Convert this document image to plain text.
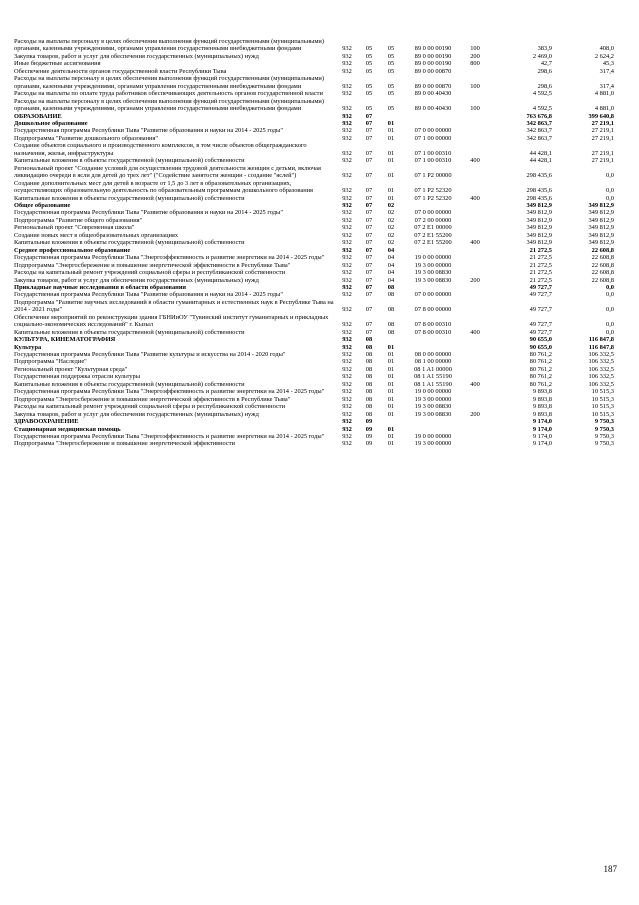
Расходы на выплаты персоналу в целях обеспечения выполнения функций государственными (муниципальными) органами, казенными учреждениями, органами управления государственными внебюджетными фондами	932	05	05	89 0 00 00190	100	383,9	408,0
Закупка товаров, работ и услуг для обеспечения государственных (муниципальных) нужд	932	05	05	89 0 00 00190	200	2 469,0	2 624,2
Иные бюджетные ассигнования	932	05	05	89 0 00 00190	800	42,7	45,3
Обеспечение деятельности органов государственной власти Республики Тыва	932	05	05	89 0 00 00870		298,6	317,4
Расходы на выплаты персоналу в целях обеспечения выполнения функций государственными (муниципальными) органами, казенными учреждениями, органами управления государственными внебюджетными фондами	932	05	05	89 0 00 00870	100	298,6	317,4
Расходы на выплаты по оплате труда работников обеспечивающих деятельность органов государственной власти	932	05	05	89 0 00 40430		4 592,5	4 881,0
Расходы на выплаты персоналу в целях обеспечения выполнения функций государственными (муниципальными) органами, казенными учреждениями, органами управления государственными внебюджетными фондами	932	05	05	89 0 00 40430	100	4 592,5	4 881,0
ОБРАЗОВАНИЕ	932	07				763 676,8	399 640,8
Дошкольное образование	932	07	01			342 863,7	27 219,1
Государственная программа Республики Тыва "Развитие образования и науки на 2014 - 2025 годы"	932	07	01	07 0 00 00000		342 863,7	27 219,1
Подпрограмма "Развитие дошкольного образования"	932	07	01	07 1 00 00000		342 863,7	27 219,1
Создание объектов социального и производственного комплексов, в том числе объектов общегражданского назначения, жилья, инфраструктуры	932	07	01	07 1 00 00310		44 428,1	27 219,1
Капитальные вложения в объекты государственной (муниципальной) собственности	932	07	01	07 1 00 00310	400	44 428,1	27 219,1
Региональный проект "Создание условий для осуществления трудовой деятельности женщин с детьми, включая ликвидацию очереди в ясли для детей до трех лет" ("Содействие занятости женщин - создание "яслей")	932	07	01	07 1 P2 00000		298 435,6	0,0
Создание дополнительных мест для детей в возрасте от 1,5 до 3 лет в образовательных организациях, осуществляющих образовательную деятельность по образовательным программам дошкольного образования	932	07	01	07 1 P2 52320		298 435,6	0,0
Капитальные вложения в объекты государственной (муниципальной) собственности	932	07	01	07 1 P2 52320	400	298 435,6	0,0
Общее образование	932	07	02			349 812,9	349 812,9
Государственная программа Республики Тыва "Развитие образования и науки на 2014 - 2025 годы"	932	07	02	07 0 00 00000		349 812,9	349 812,9
Подпрограмма "Развитие общего образования"	932	07	02	07 2 00 00000		349 812,9	349 812,9
Региональный проект "Современная школа"	932	07	02	07 2 E1 00000		349 812,9	349 812,9
Создание новых мест в общеобразовательных организациях	932	07	02	07 2 E1 55200		349 812,9	349 812,9
Капитальные вложения в объекты государственной (муниципальной) собственности	932	07	02	07 2 E1 55200	400	349 812,9	349 812,9
Среднее профессиональное образование	932	07	04			21 272,5	22 608,8
Государственная программа Республики Тыва "Энергоэффективность и развитие энергетики на 2014 - 2025 годы"	932	07	04	19 0 00 00000		21 272,5	22 608,8
Подпрограмма "Энергосбережение и повышение энергетической эффективности в Республике Тыва"	932	07	04	19 3 00 00000		21 272,5	22 608,8
Расходы на капитальный ремонт учреждений социальной сферы и республиканской собственности	932	07	04	19 3 00 08830		21 272,5	22 608,8
Закупка товаров, работ и услуг для обеспечения государственных (муниципальных) нужд	932	07	04	19 3 00 08830	200	21 272,5	22 608,8
Прикладные научные исследования в области образования	932	07	08			49 727,7	0,0
Государственная программа Республики Тыва "Развитие образования и науки на 2014 - 2025 годы"	932	07	08	07 0 00 00000		49 727,7	0,0
Подпрограмма "Развитие научных исследований в области гуманитарных и естественных наук в Республике Тыва на 2014 - 2021 годы"	932	07	08	07 8 00 00000		49 727,7	0,0
Обеспечение мероприятий по реконструкции здания ГБНИиОУ "Тувинский институт гуманитарных и прикладных социально-экономических исследований" г. Кызыл	932	07	08	07 8 00 00310		49 727,7	0,0
Капитальные вложения в объекты государственной (муниципальной) собственности	932	07	08	07 8 00 00310	400	49 727,7	0,0
КУЛЬТУРА, КИНЕМАТОГРАФИЯ	932	08				90 655,0	116 847,8
Культура	932	08	01			90 655,0	116 847,8
Государственная программа Республики Тыва "Развитие культуры и искусства на 2014 - 2020 годы"	932	08	01	08 0 00 00000		80 761,2	106 332,5
Подпрограмма "Наследие"	932	08	01	08 1 00 00000		80 761,2	106 332,5
Региональный проект "Культурная среда"	932	08	01	08 1 A1 00000		80 761,2	106 332,5
Государственная поддержка отрасли культуры	932	08	01	08 1 A1 55190		80 761,2	106 332,5
Капитальные вложения в объекты государственной (муниципальной) собственности	932	08	01	08 1 A1 55190	400	80 761,2	106 332,5
Государственная программа Республики Тыва "Энергоэффективность и развитие энергетики на 2014 - 2025 годы"	932	08	01	19 0 00 00000		9 893,8	10 515,3
Подпрограмма "Энергосбережение и повышение энергетической эффективности в Республике Тыва"	932	08	01	19 3 00 00000		9 893,8	10 515,3
Расходы на капитальный ремонт учреждений социальной сферы и республиканской собственности	932	08	01	19 3 00 08830		9 893,8	10 515,3
Закупка товаров, работ и услуг для обеспечения государственных (муниципальных) нужд	932	08	01	19 3 00 08830	200	9 893,8	10 515,3
ЗДРАВООХРАНЕНИЕ	932	09				9 174,0	9 750,3
Стационарная медицинская помощь	932	09	01			9 174,0	9 750,3
Государственная программа Республики Тыва "Энергоэффективность и развитие энергетики на 2014 - 2025 годы"	932	09	01	19 0 00 00000		9 174,0	9 750,3
Подпрограмма "Энергосбережение и повышение энергетической эффективности	932	09	01	19 3 00 00000		9 174,0	9 750,3
187
